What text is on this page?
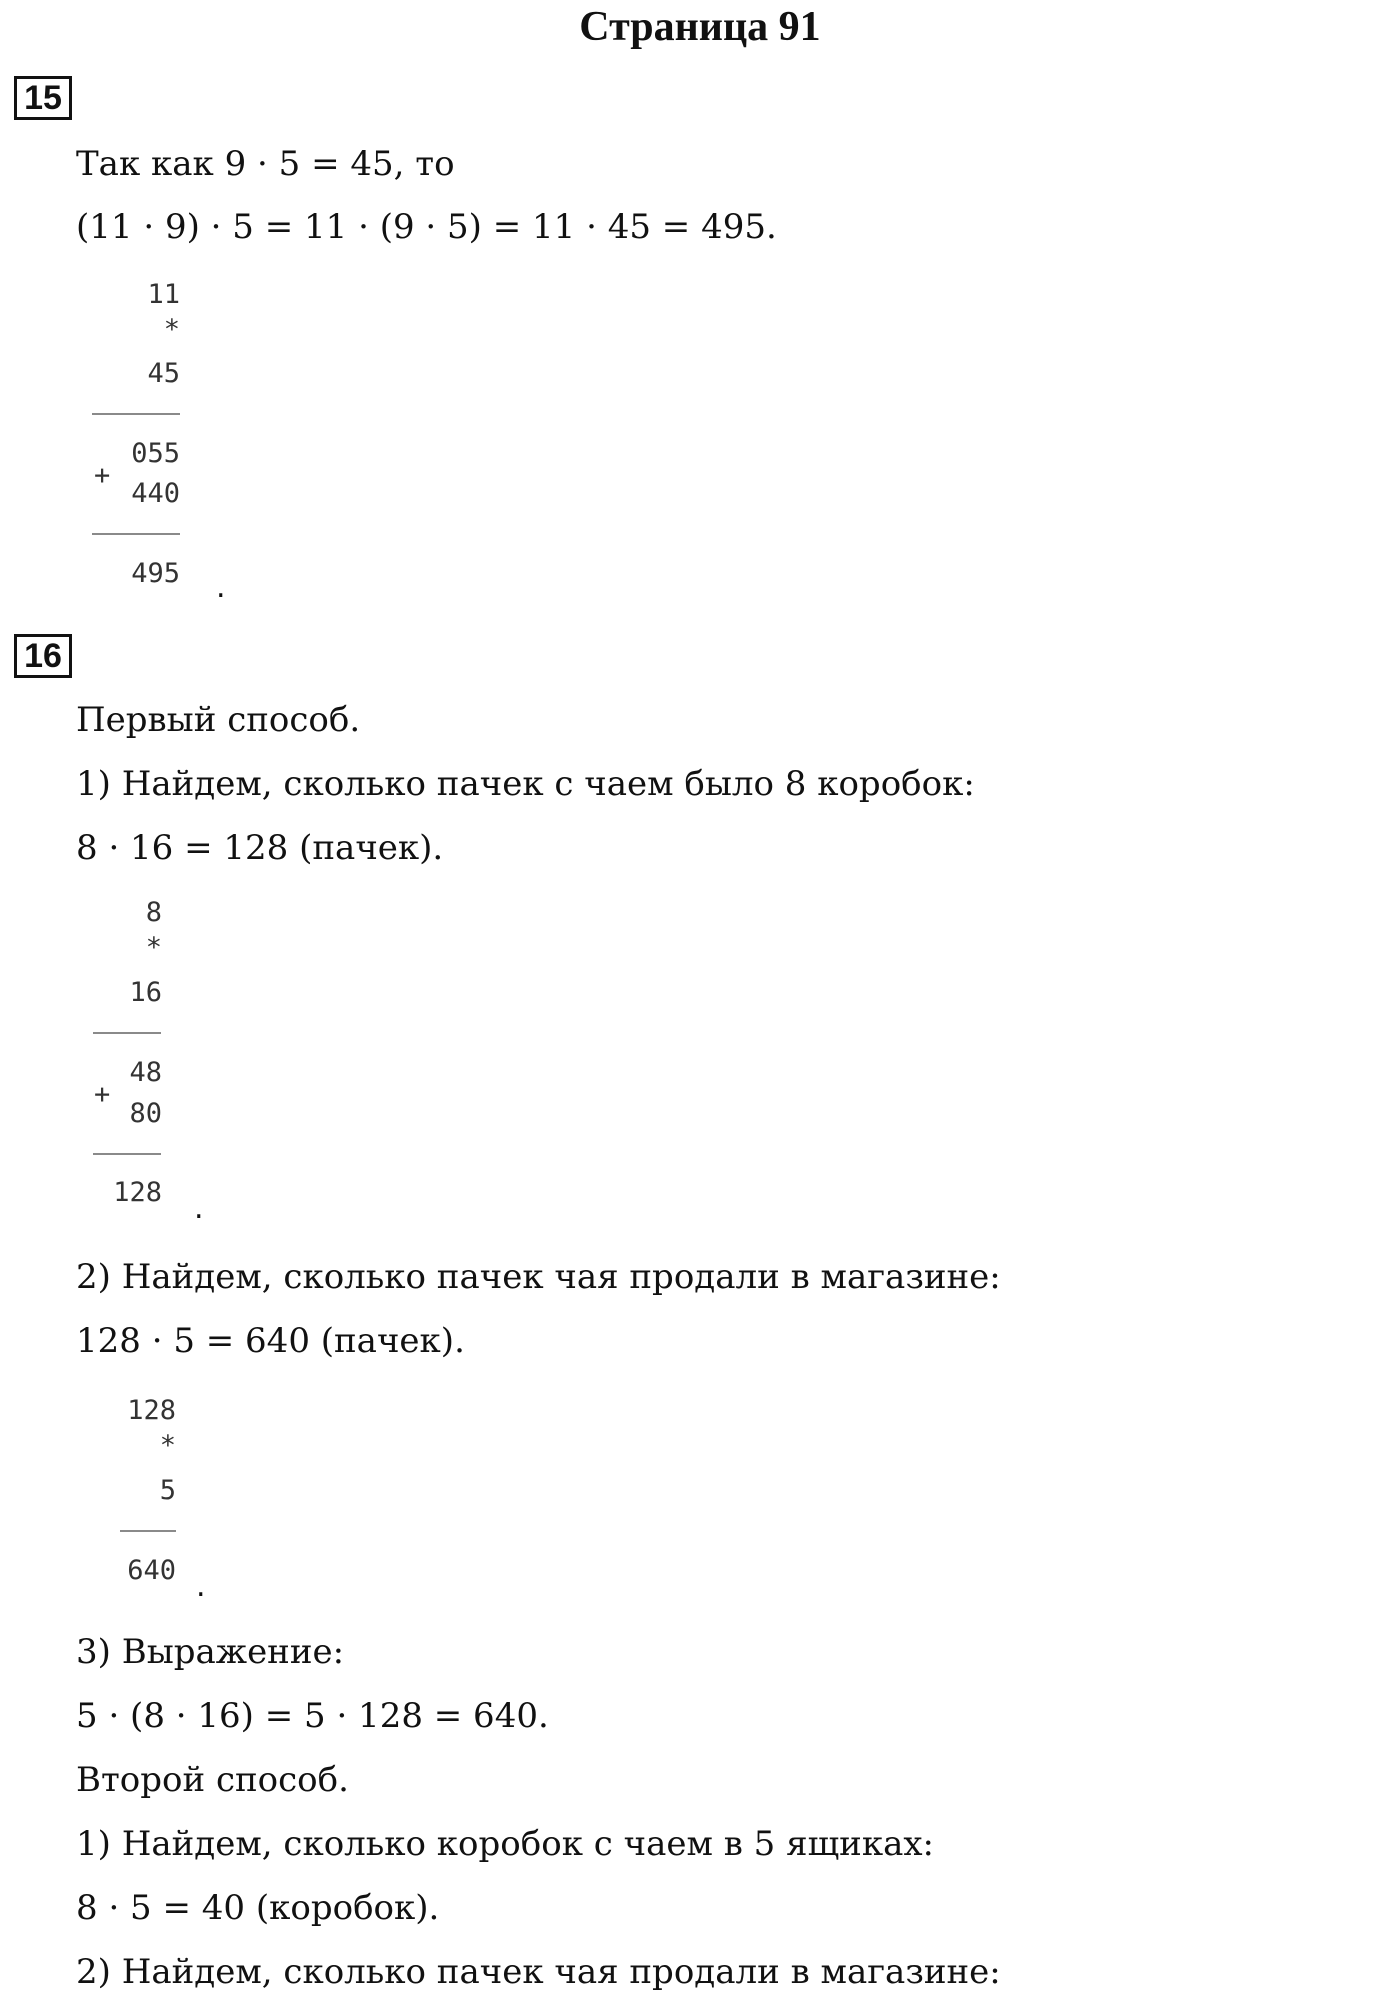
Страница 91
15
Так как 9 · 5 = 45, то
(11 · 9) · 5 = 11 · (9 · 5) = 11 · 45 = 495.
11
*
45
055
+
440
495 .
16
Первый способ.
1) Найдем, сколько пачек с чаем было 8 коробок:
8 · 16 = 128 (пачек).
8
*
16
48
+
80
128 .
2) Найдем, сколько пачек чая продали в магазине:
128 · 5 = 640 (пачек).
128
*
5
640 .
3) Выражение:
5 · (8 · 16) = 5 · 128 = 640.
Второй способ.
1) Найдем, сколько коробок с чаем в 5 ящиках:
8 · 5 = 40 (коробок).
2) Найдем, сколько пачек чая продали в магазине:
